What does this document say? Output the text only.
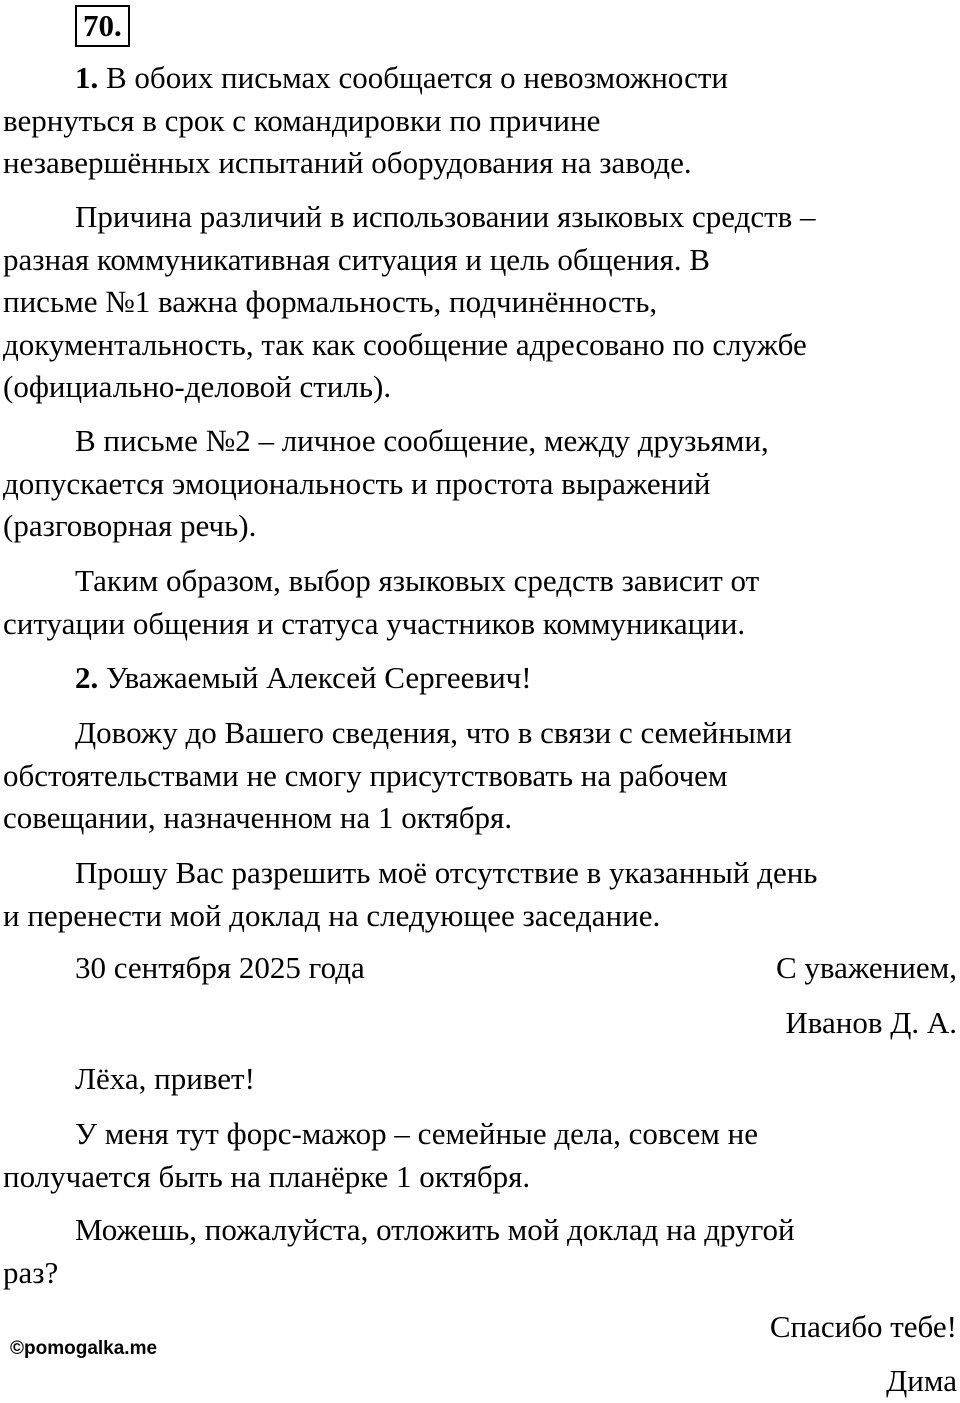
70.

1. В обоих письмах сообщается о невозможности
вернуться в срок с командировки по причине
незавершённых испытаний оборудования на заводе.

Причина различий в использовании языковых средств –
разная коммуникативная ситуация и цель общения. В
письме №1 важна формальность, подчинённость,
документальность, так как сообщение адресовано по службе
(официально-деловой стиль).

В письме №2 – личное сообщение, между друзьями,
допускается эмоциональность и простота выражений
(разговорная речь).

Таким образом, выбор языковых средств зависит от
ситуации общения и статуса участников коммуникации.

2. Уважаемый Алексей Сергеевич!

Довожу до Вашего сведения, что в связи с семейными
обстоятельствами не смогу присутствовать на рабочем
совещании, назначенном на 1 октября.

Прошу Вас разрешить моё отсутствие в указанный день
и перенести мой доклад на следующее заседание.

30 сентября 2025 года	С уважением,
Иванов Д. А.
Лёха, привет!

У меня тут форс-мажор – семейные дела, совсем не
получается быть на планёрке 1 октября.

Можешь, пожалуйста, отложить мой доклад на другой
раз?

Спасибо тебе!
Дима
©pomogalka.me
